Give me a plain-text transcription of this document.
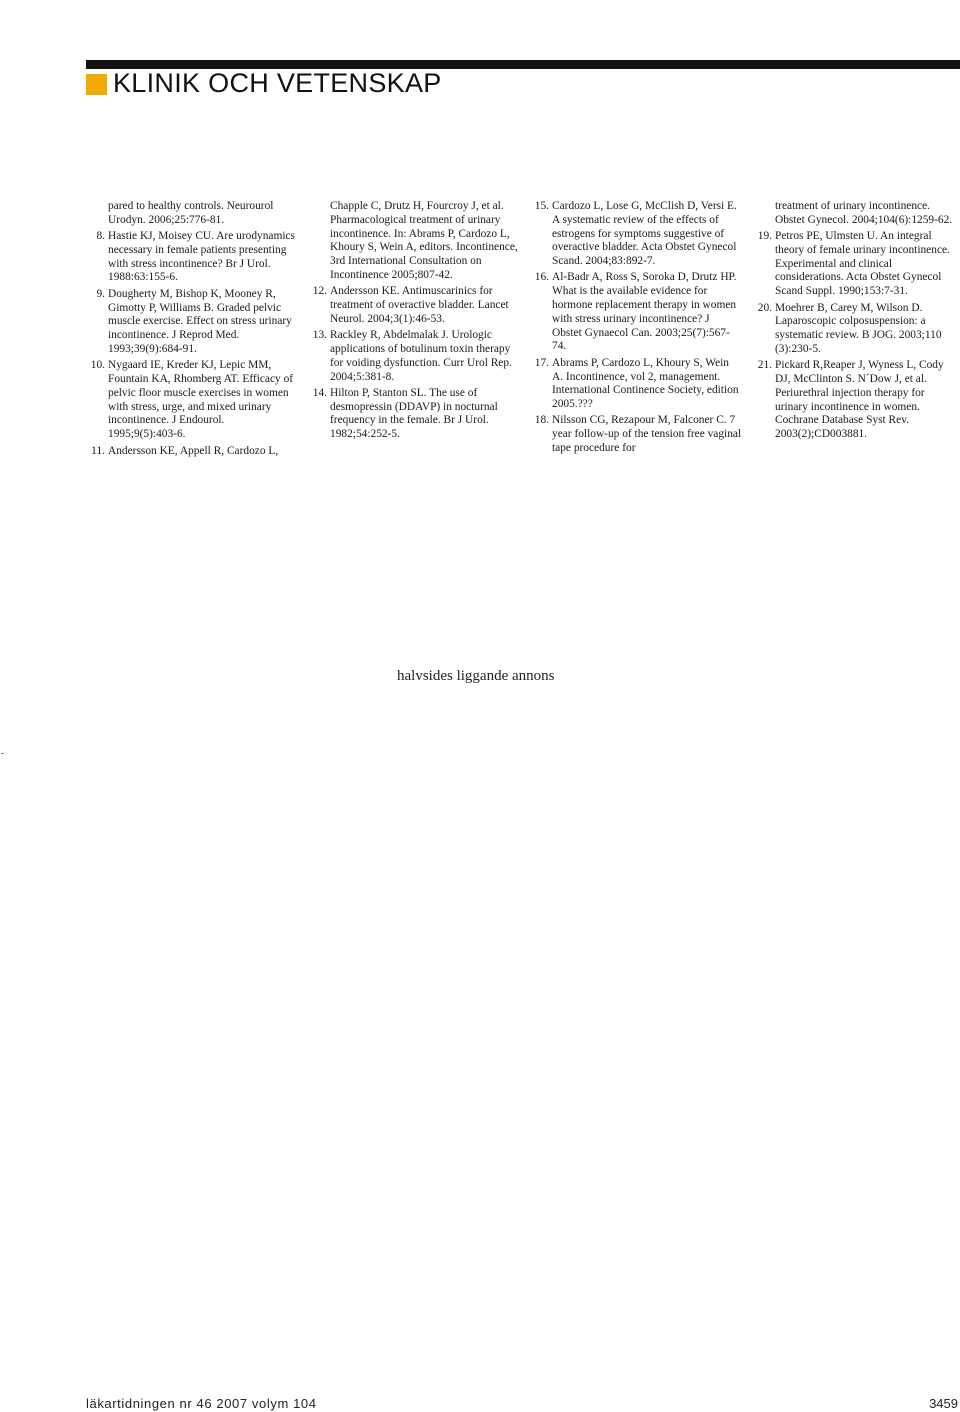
KLINIK OCH VETENSKAP
pared to healthy controls. Neurourol Urodyn. 2006;25:776-81.
8. Hastie KJ, Moisey CU. Are urodynamics necessary in female patients presenting with stress incontinence? Br J Urol. 1988:63:155-6.
9. Dougherty M, Bishop K, Mooney R, Gimotty P, Williams B. Graded pelvic muscle exercise. Effect on stress urinary incontinence. J Reprod Med. 1993;39(9):684-91.
10. Nygaard IE, Kreder KJ, Lepic MM, Fountain KA, Rhomberg AT. Efficacy of pelvic floor muscle exercises in women with stress, urge, and mixed urinary incontinence. J Endourol. 1995;9(5):403-6.
11. Andersson KE, Appell R, Cardozo L,
Chapple C, Drutz H, Fourcroy J, et al. Pharmacological treatment of urinary incontinence. In: Abrams P, Cardozo L, Khoury S, Wein A, editors. Incontinence, 3rd International Consultation on Incontinence 2005;807-42.
12. Andersson KE. Antimuscarinics for treatment of overactive bladder. Lancet Neurol. 2004;3(1):46-53.
13. Rackley R, Abdelmalak J. Urologic applications of botulinum toxin therapy for voiding dysfunction. Curr Urol Rep. 2004;5:381-8.
14. Hilton P, Stanton SL. The use of desmopressin (DDAVP) in nocturnal frequency in the female. Br J Urol. 1982;54:252-5.
15. Cardozo L, Lose G, McClish D, Versi E. A systematic review of the effects of estrogens for symptoms suggestive of overactive bladder. Acta Obstet Gynecol Scand. 2004;83:892-7.
16. Al-Badr A, Ross S, Soroka D, Drutz HP. What is the available evidence for hormone replacement therapy in women with stress urinary incontinence? J Obstet Gynaecol Can. 2003;25(7):567-74.
17. Abrams P, Cardozo L, Khoury S, Wein A. Incontinence, vol 2, management. International Continence Society, edition 2005.???
18. Nilsson CG, Rezapour M, Falconer C. 7 year follow-up of the tension free vaginal tape procedure for
treatment of urinary incontinence. Obstet Gynecol. 2004;104(6):1259-62.
19. Petros PE, Ulmsten U. An integral theory of female urinary incontinence. Experimental and clinical considerations. Acta Obstet Gynecol Scand Suppl. 1990;153:7-31.
20. Moehrer B, Carey M, Wilson D. Laparoscopic colposuspension: a systematic review. B JOG. 2003;110 (3):230-5.
21. Pickard R,Reaper J, Wyness L, Cody DJ, McClinton S. N´Dow J, et al. Periurethral injection therapy for urinary incontinence in women. Cochrane Database Syst Rev. 2003(2);CD003881.

halvsides liggande annons

läkartidningen nr 46 2007 volym 104	3459
